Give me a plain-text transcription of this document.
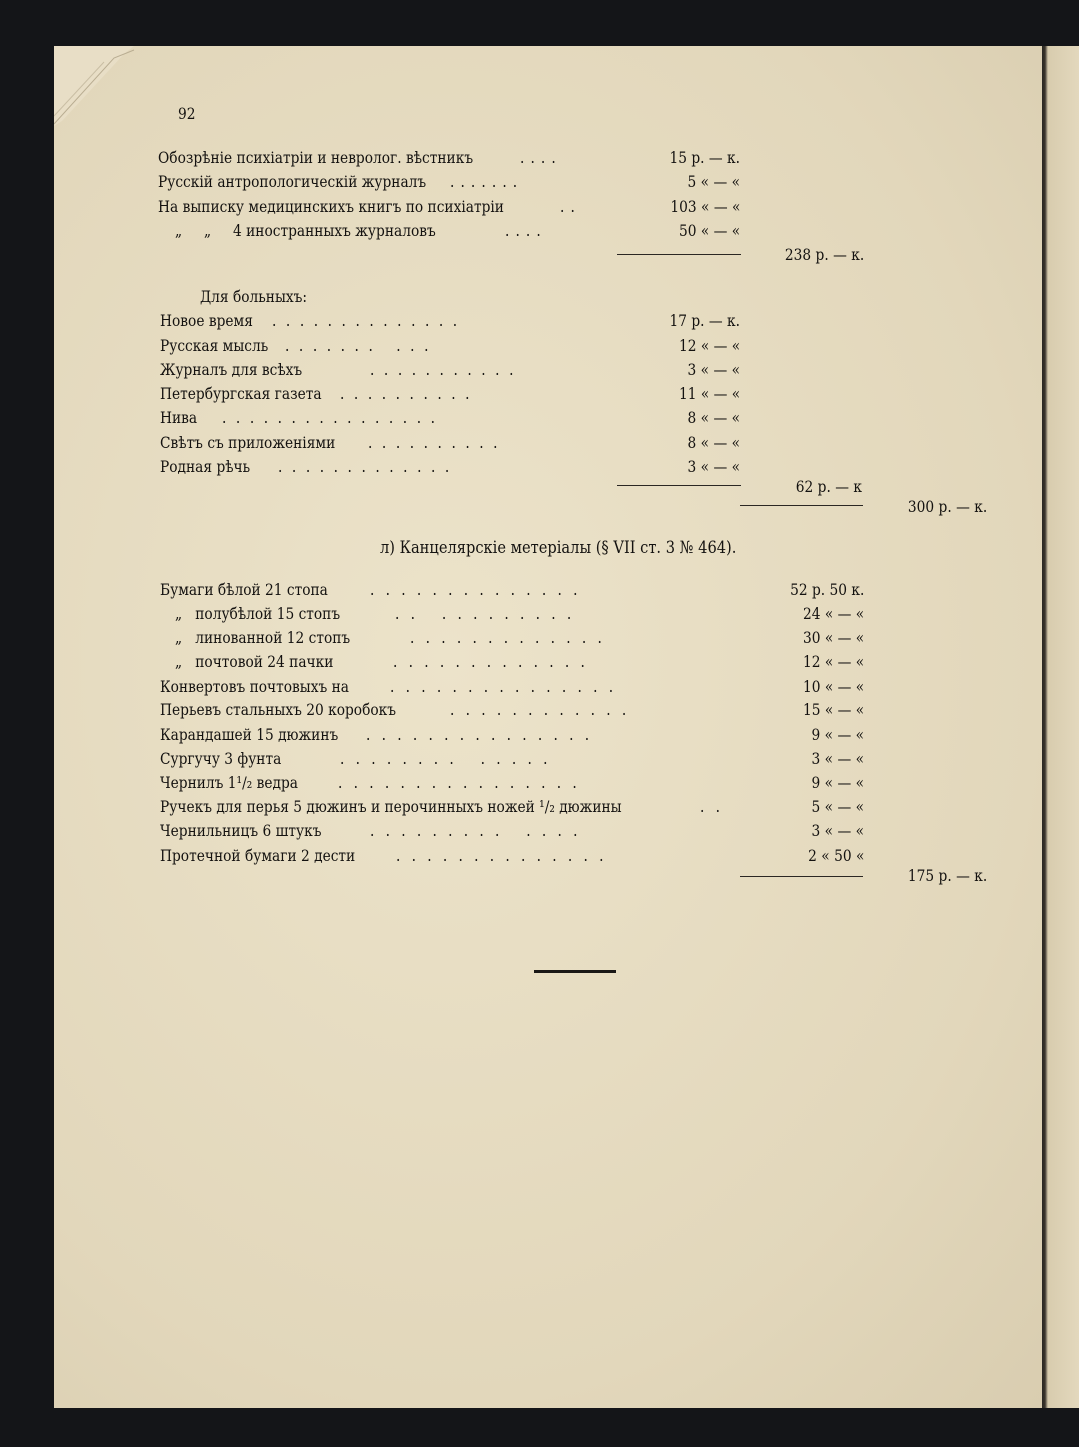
92
Обозрѣніе психіатріи и невролог. вѣстникъ	. . . .	15 р. — к.
Русскій антропологическій журналъ . . . . . . .	5 « — «
На выписку медицинскихъ книгъ по психіатріи	. .	103 « — «
„     „     4 иностранныхъ журналовъ	. . . .	50 « — «
238 р. — к.
Для больныхъ:
Новое время . . . . . . . . . . . . . .	17 р. — к.
Русская мысль . . . . . . .   . . .	12 « — «
Журналъ для всѣхъ	. . . . . . . . . . .	3 « — «
Петербургская газета . . . . . . . . . .	11 « — «
Нива . . . . . . . . . . . . . . . .	8 « — «
Свѣтъ съ приложеніями . . . . . . . . . .	8 « — «
Родная рѣчь . . . . . . . . . . . . .	3 « — «
62 р. — к
300 р. — к.
л) Канцелярскіе метеріалы (§ VII ст. 3 № 464).
Бумаги бѣлой 21 стопа	. . . . . . . . . . . . . .	52 р. 50 к.
„   полубѣлой 15 стопъ	. .   . . . . . . . . .	24 « — «
„   линованной 12 стопъ	. . . . . . . . . . . . .	30 « — «
„   почтовой 24 пачки	. . . . . . . . . . . . .	12 « — «
Конвертовъ почтовыхъ на	. . . . . . . . . . . . . . .	10 « — «
Перьевъ стальныхъ 20 коробокъ	. . . . . . . . . . . .	15 « — «
Карандашей 15 дюжинъ . . . . . . . . . . . . . . .	9 « — «
Сургучу 3 фунта	. . . . . . . .   . . . . .	3 « — «
Чернилъ 1¹/₂ ведра	. . . . . . . . . . . . . . . .	9 « — «
Ручекъ для перья 5 дюжинъ и перочинныхъ ножей ¹/₂ дюжины	. .	5 « — «
Чернильницъ 6 штукъ	. . . . . . . . .   . . . .	3 « — «
Протечной бумаги 2 дести	. . . . . . . . . . . . . .	2 « 50 «
175 р. — к.
